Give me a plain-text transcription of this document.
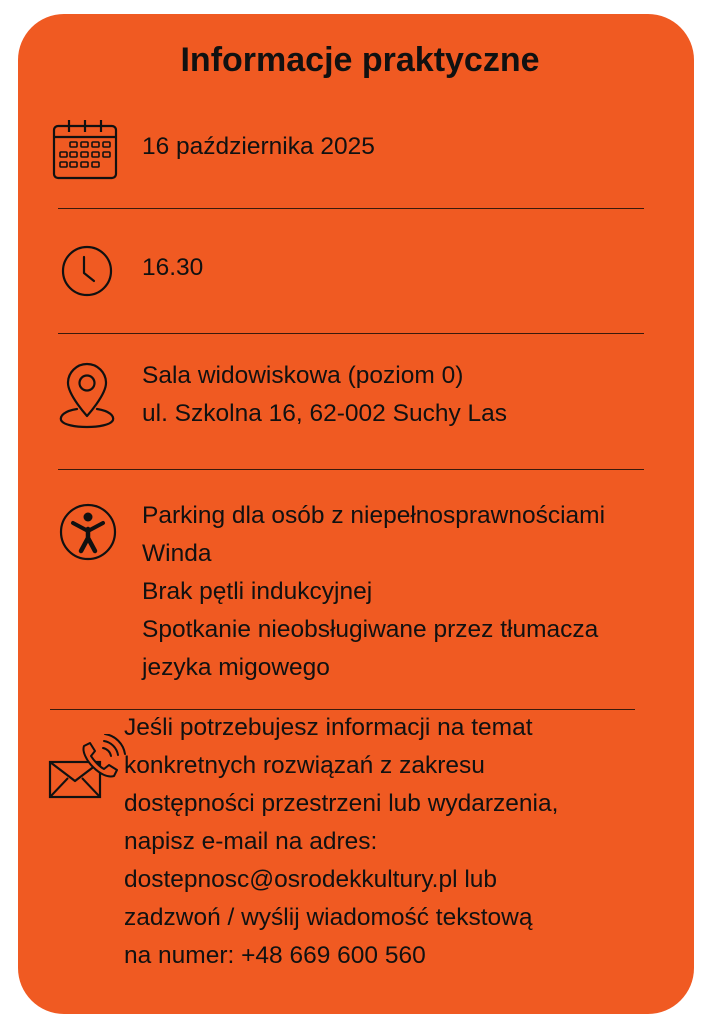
Informacje praktyczne
16 października 2025
16.30
Sala widowiskowa (poziom 0)
ul. Szkolna 16, 62-002 Suchy Las
Parking dla osób z niepełnosprawnościami
Winda
Brak pętli indukcyjnej
Spotkanie nieobsługiwane przez tłumacza
jezyka migowego
Jeśli potrzebujesz informacji na temat
konkretnych rozwiązań z zakresu
dostępności przestrzeni lub wydarzenia,
napisz e-mail na adres:
dostepnosc@osrodekkultury.pl lub
zadzwoń / wyślij wiadomość tekstową
na numer: +48 669 600 560
